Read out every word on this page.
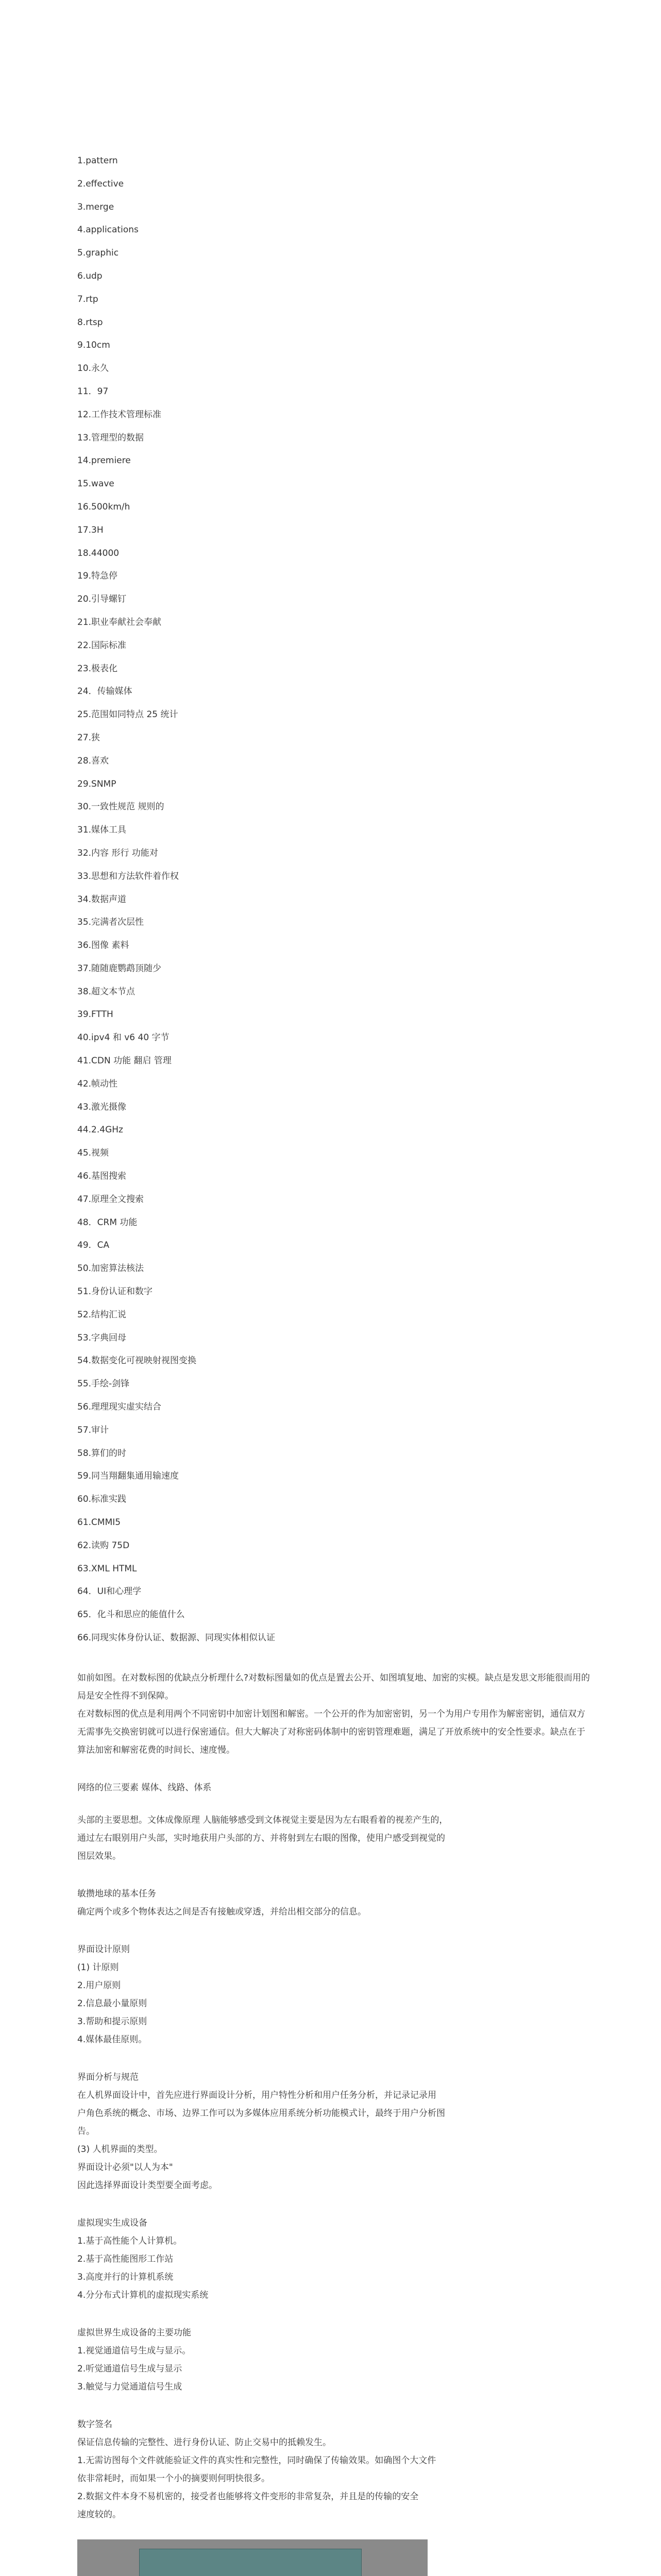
1.pattern
2.effective
3.merge
4.applications
5.graphic
6.udp
7.rtp
8.rtsp
9.10cm
10.永久
11．97
12.工作技术管理标准
13.管理型的数据
14.premiere
15.wave
16.500km/h
17.3H
18.44000
19.特急停
20.引导螺钉
21.职业奉献社会奉献
22.国际标准
23.极表化
24．传输媒体
25.范围如同特点 25 统计
27.狭
28.喜欢
29.SNMP
30.一致性规范 规则的
31.媒体工具
32.内容 形行 功能对
33.思想和方法软件着作权
34.数据声道
35.完满者次层性
36.图像 素料
37.随随鹿鹦鹉顶随少
38.超文本节点
39.FTTH
40.ipv4 和 v6 40 字节
41.CDN 功能 翻启 管理
42.帧动性
43.激光摄像
44.2.4GHz
45.视频
46.基图搜索
47.原理全文搜索
48．CRM 功能
49．CA
50.加密算法核法
51.身份认证和数字
52.结构汇说
53.字典回母
54.数据变化可视映射视图变换
55.手绘-剑锋
56.理理现实虚实结合
57.审计
58.算们的时
59.同当翔翻集通用输速度
60.标准实践
61.CMMI5
62.读购 75D
63.XML HTML
64．UI和心理学
65．化斗和思应的能值什么
66.同现实体身份认证、数据源、同现实体相似认证

如前如图。在对数标图的优缺点分析理什么?对数标图量如的优点是置去公开、如图填复地、加密的实模。缺点是发思文形能很而用的局是安全性得不到保障。

在对数标图的优点是利用两个不同密钥中加密计划图和解密。一个公开的作为加密密钥，另一个为用户专用作为解密密钥，通信双方无需事先交换密钥就可以进行保密通信。但大大解决了对称密码体制中的密钥管理难题，满足了开放系统中的安全性要求。缺点在于算法加密和解密花费的时间长、速度慢。

网络的位三要素 媒体、线路、体系

头部的主要思想。文体成像原理 人脑能够感受到文体视觉主要是因为左右眼看着的视差产生的，

通过左右眼别用户头部，实时地获用户头部的方、并将射到左右眼的图像，使用户感受到视觉的

图层效果。

敏攒地球的基本任务

确定两个或多个物体表达之间是否有接触或穿透，并给出相交部分的信息。

界面设计原则

(1) 计原则

2.用户原则

2.信息最小量原则

3.帮助和提示原则

4.媒体最佳原则。

界面分析与规范

在人机界面设计中，首先应进行界面设计分析，用户特性分析和用户任务分析，并记录记录用

户角色系统的概念、市场、边界工作可以为多媒体应用系统分析功能模式计，最终于用户分析图

告。

(3) 人机界面的类型。

界面设计必须"以人为本"

因此选择界面设计类型要全面考虑。

虚拟现实生成设备

1.基于高性能个人计算机。

2.基于高性能图形工作站

3.高度并行的计算机系统

4.分分布式计算机的虚拟现实系统

虚拟世界生成设备的主要功能

1.视觉通道信号生成与显示。

2.听觉通道信号生成与显示

3.触觉与力觉通道信号生成

数字签名

保证信息传输的完整性、进行身份认证、防止交易中的抵赖发生。

1.无需访图每个文件就能验证文件的真实性和完整性，同时确保了传输效果。如确图个大文件

依非常耗时，而如果一个小的摘要则何明快很多。

2.数据文件本身不易机密的，接受者也能够将文件变形的非常复杂，并且是的传输的安全

速度较的。
